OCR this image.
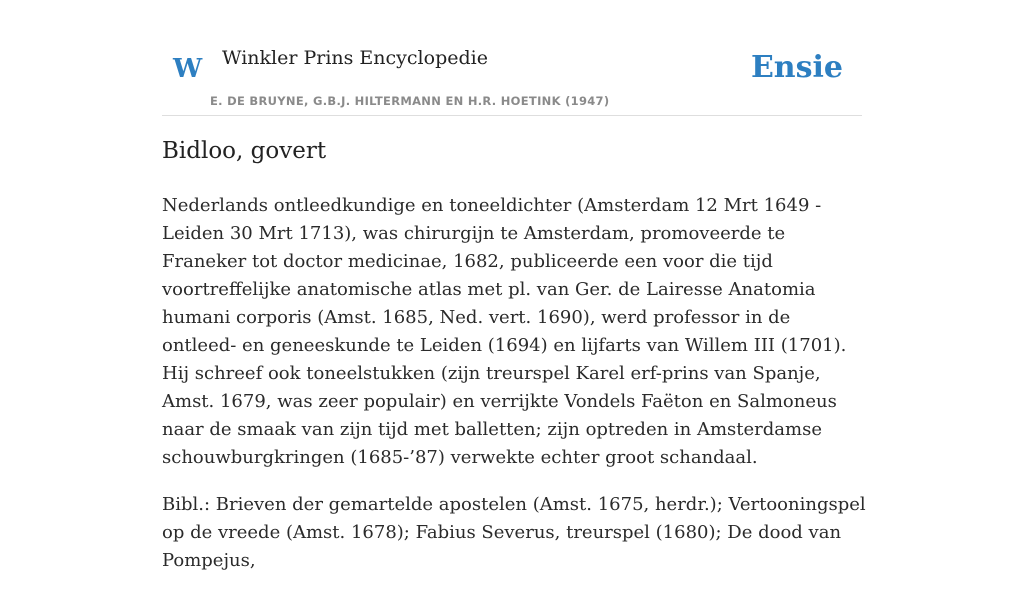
W Winkler Prins Encyclopedie
E. DE BRUYNE, G.B.J. HILTERMANN EN H.R. HOETINK (1947)
Ensie
Bidloo, govert

Nederlands ontleedkundige en toneeldichter (Amsterdam 12 Mrt 1649 - Leiden 30 Mrt 1713), was chirurgijn te Amsterdam, promoveerde te Franeker tot doctor medicinae, 1682, publiceerde een voor die tijd voortreffelijke anatomische atlas met pl. van Ger. de Lairesse Anatomia humani corporis (Amst. 1685, Ned. vert. 1690), werd professor in de ontleed- en geneeskunde te Leiden (1694) en lijfarts van Willem III (1701). Hij schreef ook toneelstukken (zijn treurspel Karel erf-prins van Spanje, Amst. 1679, was zeer populair) en verrijkte Vondels Faëton en Salmoneus naar de smaak van zijn tijd met balletten; zijn optreden in Amsterdamse schouwburgkringen (1685-’87) verwekte echter groot schandaal.

Bibl.: Brieven der gemartelde apostelen (Amst. 1675, herdr.); Vertooningspel op de vreede (Amst. 1678); Fabius Severus, treurspel (1680); De dood van Pompejus,
